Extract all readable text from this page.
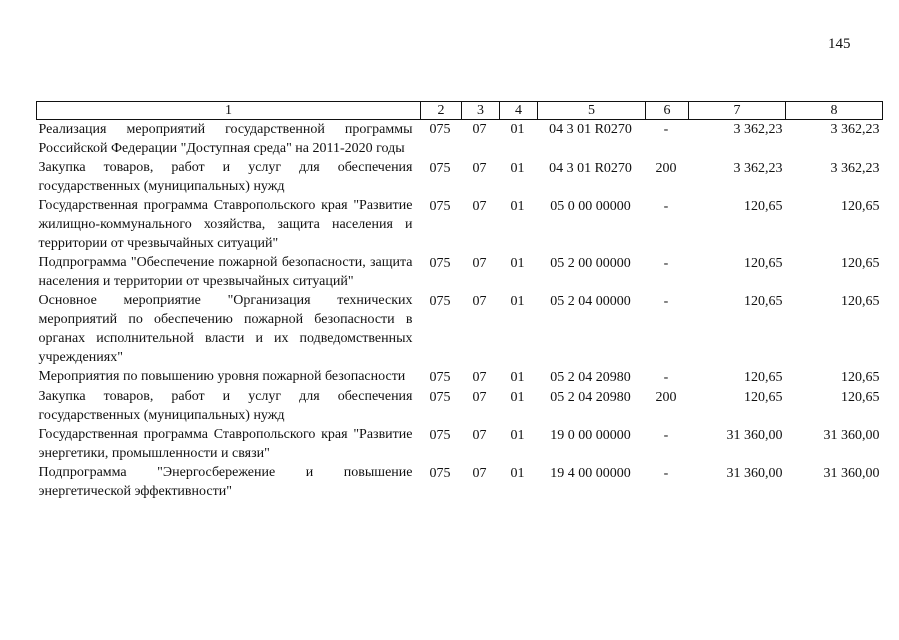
145
1	2	3	4	5	6	7	8
Реализация мероприятий государственной программы Российской Федерации "Доступная среда" на 2011-2020 годы	075	07	01	04 3 01 R0270	-	3 362,23	3 362,23
Закупка товаров, работ и услуг для обеспечения государственных (муниципальных) нужд	075	07	01	04 3 01 R0270	200	3 362,23	3 362,23
Государственная программа Ставропольского края "Развитие жилищно-коммунального хозяйства, защита населения и территории от чрезвычайных ситуаций"	075	07	01	05 0 00 00000	-	120,65	120,65
Подпрограмма "Обеспечение пожарной безопасности, защита населения и территории от чрезвычайных ситуаций"	075	07	01	05 2 00 00000	-	120,65	120,65
Основное мероприятие "Организация технических мероприятий по обеспечению пожарной безопасности в органах исполнительной власти и их подведомственных учреждениях"	075	07	01	05 2 04 00000	-	120,65	120,65
Мероприятия по повышению уровня пожарной безопасности	075	07	01	05 2 04 20980	-	120,65	120,65
Закупка товаров, работ и услуг для обеспечения государственных (муниципальных) нужд	075	07	01	05 2 04 20980	200	120,65	120,65
Государственная программа Ставропольского края "Развитие энергетики, промышленности и связи"	075	07	01	19 0 00 00000	-	31 360,00	31 360,00
Подпрограмма "Энергосбережение и повышение энергетической эффективности"	075	07	01	19 4 00 00000	-	31 360,00	31 360,00
